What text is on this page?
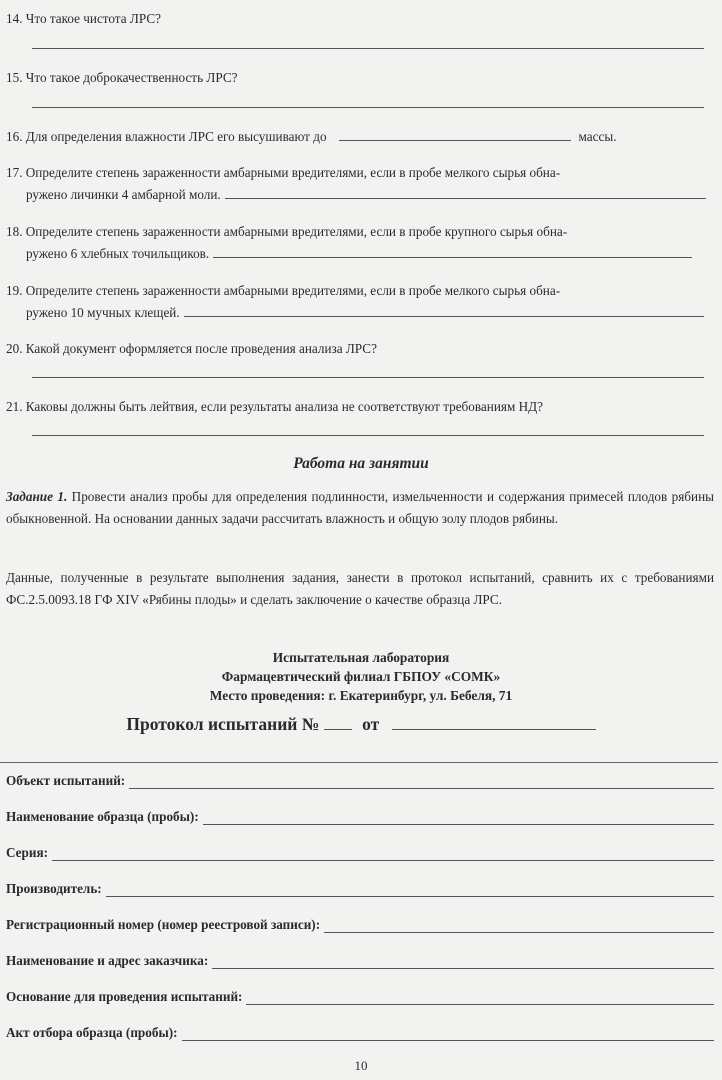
14. Что такое чистота ЛРС?
15. Что такое доброкачественность ЛРС?
16. Для определения влажности ЛРС его высушивают до	массы.
17. Определите степень зараженности амбарными вредителями, если в пробе мелкого сырья обна-
ружено личинки 4 амбарной моли.
18. Определите степень зараженности амбарными вредителями, если в пробе крупного сырья обна-
ружено 6 хлебных точильщиков.
19. Определите степень зараженности амбарными вредителями, если в пробе мелкого сырья обна-
ружено 10 мучных клещей.
20. Какой документ оформляется после проведения анализа ЛРС?
21. Каковы должны быть лейтвия, если результаты анализа не соответствуют требованиям НД?
Работа на занятии
Задание 1. Провести анализ пробы для определения подлинности, измельченности и содержания примесей плодов рябины обыкновенной. На основании данных задачи рассчитать влажность и общую золу плодов рябины.
Данные, полученные в результате выполнения задания, занести в протокол испытаний, сравнить их с требованиями ФС.2.5.0093.18 ГФ XIV «Рябины плоды» и сделать заключение о качестве образца ЛРС.
Испытательная лаборатория
Фармацевтический филиал ГБПОУ «СОМК»
Место проведения: г. Екатеринбург, ул. Бебеля, 71
Протокол испытаний № от
Объект испытаний:
Наименование образца (пробы):
Серия:
Производитель:
Регистрационный номер (номер реестровой записи):
Наименование и адрес заказчика:
Основание для проведения испытаний:
Акт отбора образца (пробы):
10
